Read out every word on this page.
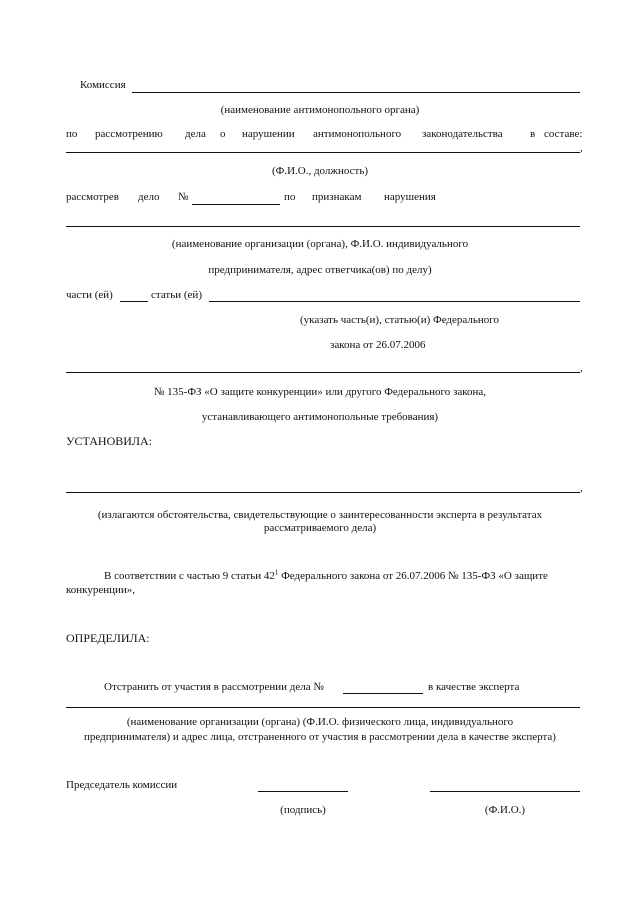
Комиссия
(наименование антимонопольного органа)
по рассмотрению дела о нарушении антимонопольного законодательства в составе:
,
(Ф.И.О., должность)
рассмотрев дело №	по признакам нарушения
(наименование организации (органа), Ф.И.О. индивидуального
предпринимателя, адрес ответчика(ов) по делу)
части (ей)	статьи (ей)
(указать часть(и), статью(и) Федерального
закона от 26.07.2006
,
№ 135-ФЗ «О защите конкуренции» или другого Федерального закона,
устанавливающего антимонопольные требования)
УСТАНОВИЛА:
,
(излагаются обстоятельства, свидетельствующие о заинтересованности эксперта в результатах
рассматриваемого дела)
В соответствии с частью 9 статьи $42^1$ Федерального закона от 26.07.2006 № 135-ФЗ «О защите
конкуренции»,
ОПРЕДЕЛИЛА:
Отстранить от участия в рассмотрении дела №	в качестве эксперта
(наименование организации (органа) (Ф.И.О. физического лица, индивидуального
предпринимателя) и адрес лица, отстраненного от участия в рассмотрении дела в качестве эксперта)
Председатель комиссии
(подпись)	(Ф.И.О.)
